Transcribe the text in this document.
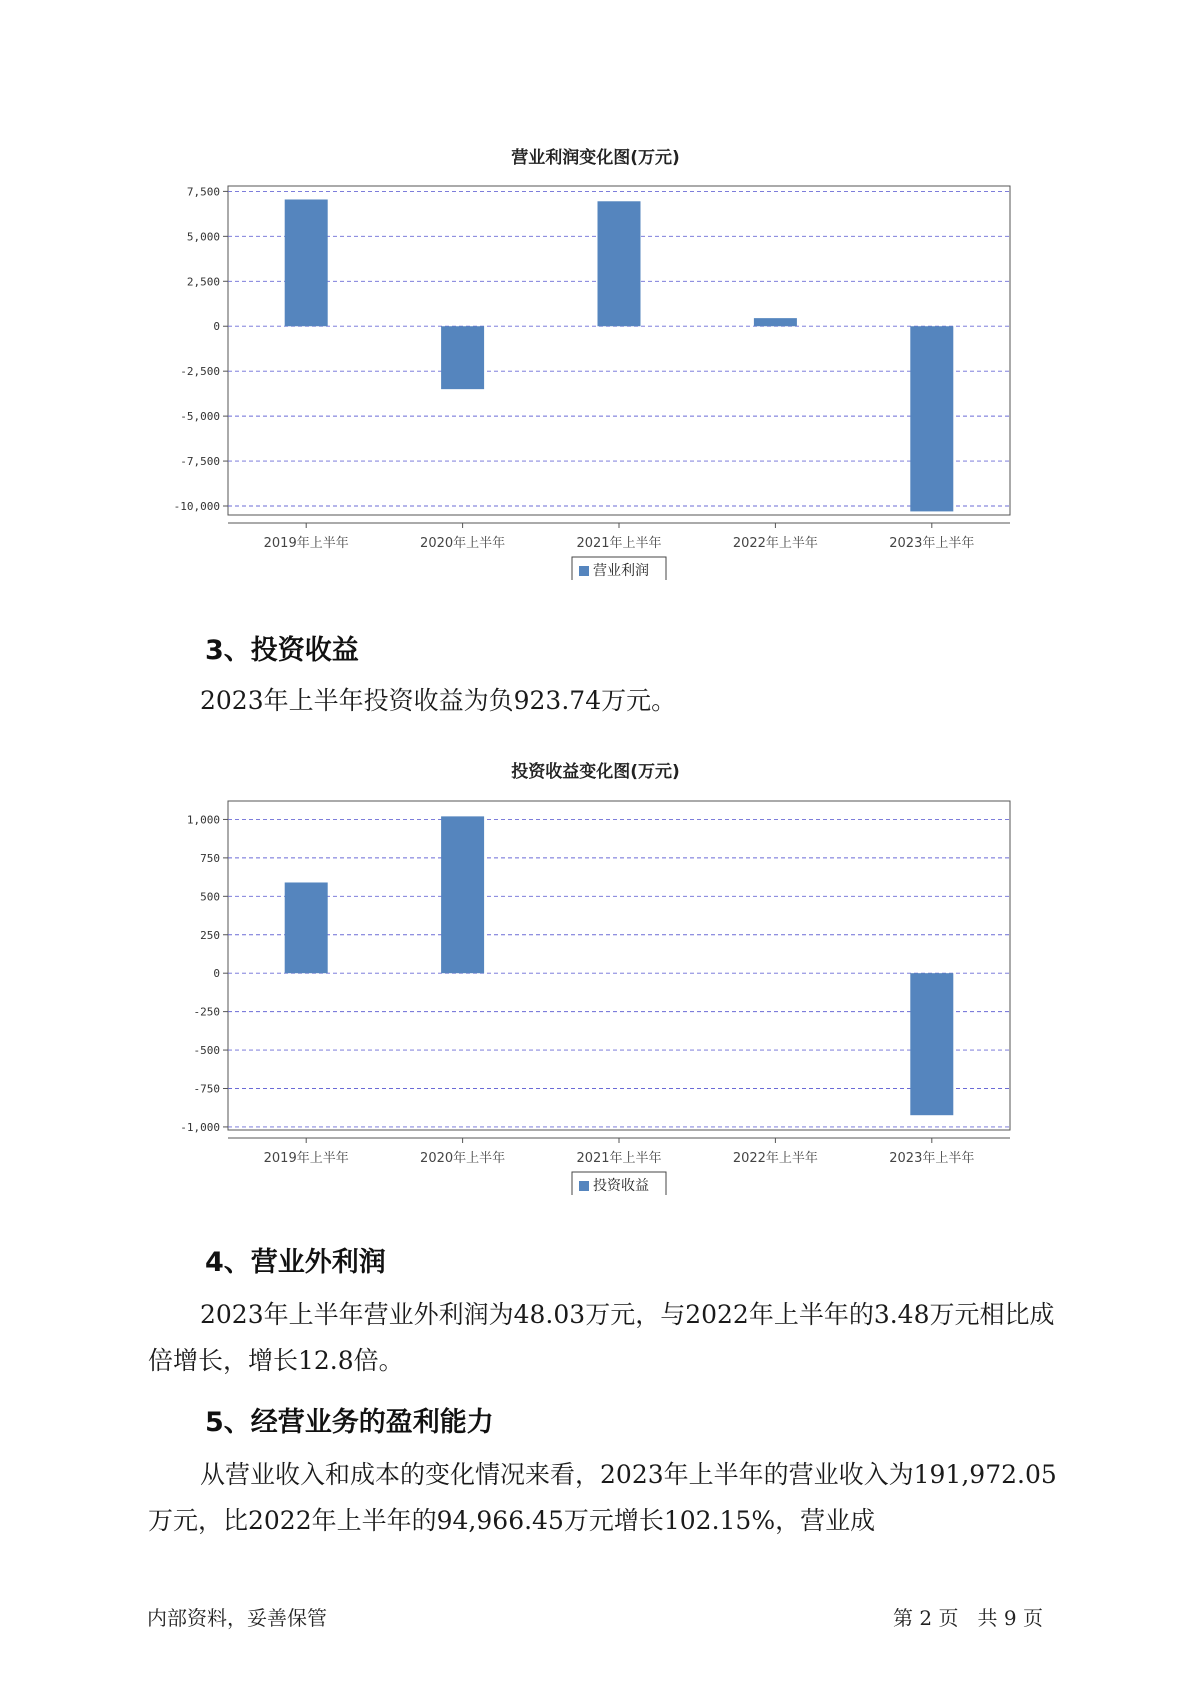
营业利润变化图(万元)
7,500
5,000
2,500
0
-2,500
-5,000
-7,500
-10,000
2019年上半年	2020年上半年	2021年上半年	2022年上半年	2023年上半年
营业利润
3、投资收益

2023年上半年投资收益为负923.74万元。

投资收益变化图(万元)
1,000
750
500
250
0
-250
-500
-750
-1,000
2019年上半年	2020年上半年	2021年上半年	2022年上半年	2023年上半年
投资收益
4、营业外利润

2023年上半年营业外利润为48.03万元，与2022年上半年的3.48万元相比成倍增长，增长12.8倍。

5、经营业务的盈利能力

从营业收入和成本的变化情况来看，2023年上半年的营业收入为191,972.05万元，比2022年上半年的94,966.45万元增长102.15%，营业成

内部资料，妥善保管	第 2 页   共 9 页
